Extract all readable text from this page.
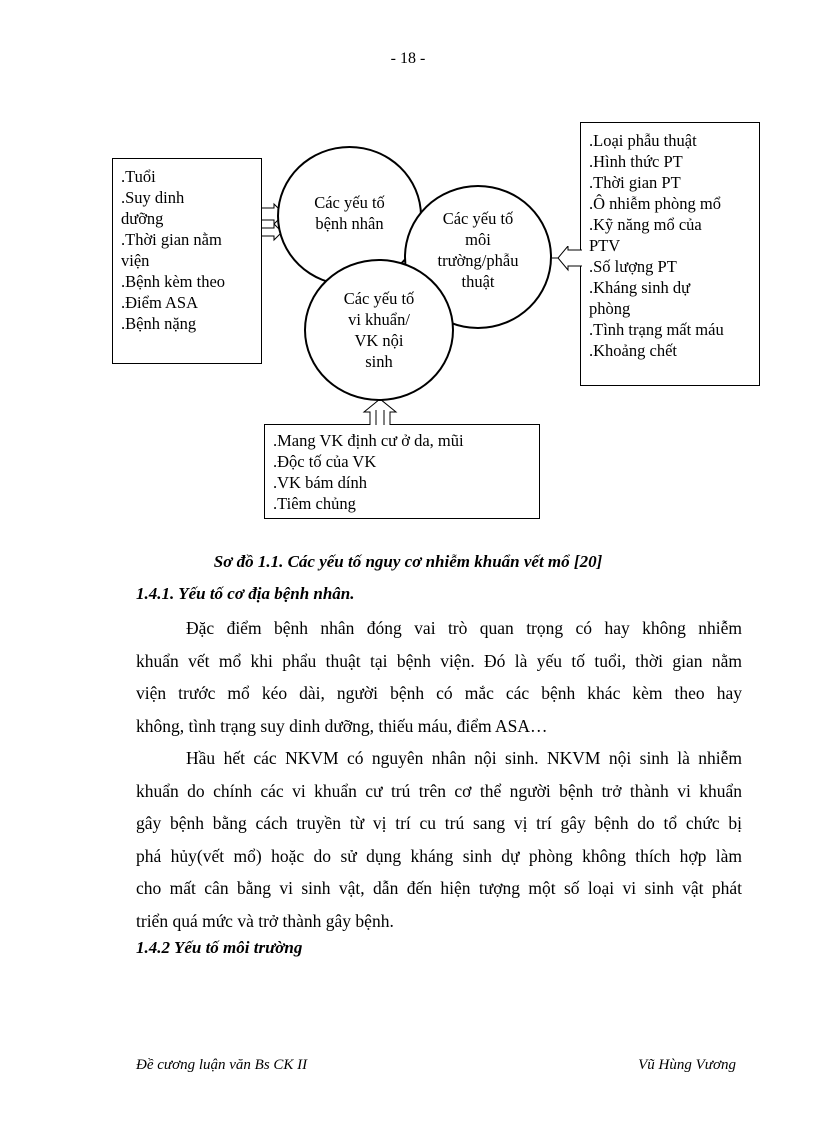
- 18 -
.Tuổi
.Suy dinh
dưỡng
.Thời gian nằm
viện
.Bệnh kèm theo
.Điểm ASA
.Bệnh nặng
.Loại phẫu thuật
.Hình thức PT
.Thời gian PT
.Ô nhiễm phòng mổ
.Kỹ năng mổ của
PTV
.Số lượng PT
.Kháng sinh dự
phòng
.Tình trạng mất máu
.Khoảng chết
.Mang VK định cư ở da, mũi
.Độc tố của VK
.VK bám dính
.Tiêm chủng
Các yếu tố
bệnh nhân	Các yếu tố
môi
trường/phẫu
thuật
Các yếu tố
vi khuẩn/
VK nội
sinh
Sơ đồ 1.1. Các yếu tố nguy cơ nhiễm khuẩn vết mổ [20]
1.4.1. Yếu tố cơ địa bệnh nhân.
Đặc điểm bệnh nhân đóng vai trò quan trọng có hay không nhiễm
khuẩn vết mổ khi phẩu thuật tại bệnh viện. Đó là yếu tố tuổi, thời gian nằm
viện trước mổ kéo dài, người bệnh có mắc các bệnh khác kèm theo hay
không, tình trạng suy dinh dưỡng, thiếu máu, điểm ASA…
Hầu hết các NKVM có nguyên nhân nội sinh. NKVM nội sinh là nhiễm
khuẩn do chính các vi khuẩn cư trú trên cơ thể người bệnh trở thành vi khuẩn
gây bệnh bằng cách truyền từ vị trí cu trú sang vị trí gây bệnh do tổ chức bị
phá hủy(vết mổ) hoặc do sử dụng kháng sinh dự phòng không thích hợp làm
cho mất cân bằng vi sinh vật, dẫn đến hiện tượng một số loại vi sinh vật phát
triển quá mức và trở thành gây bệnh.
1.4.2 Yếu tố môi trường
Đề cương luận văn Bs CK II	Vũ Hùng Vương
